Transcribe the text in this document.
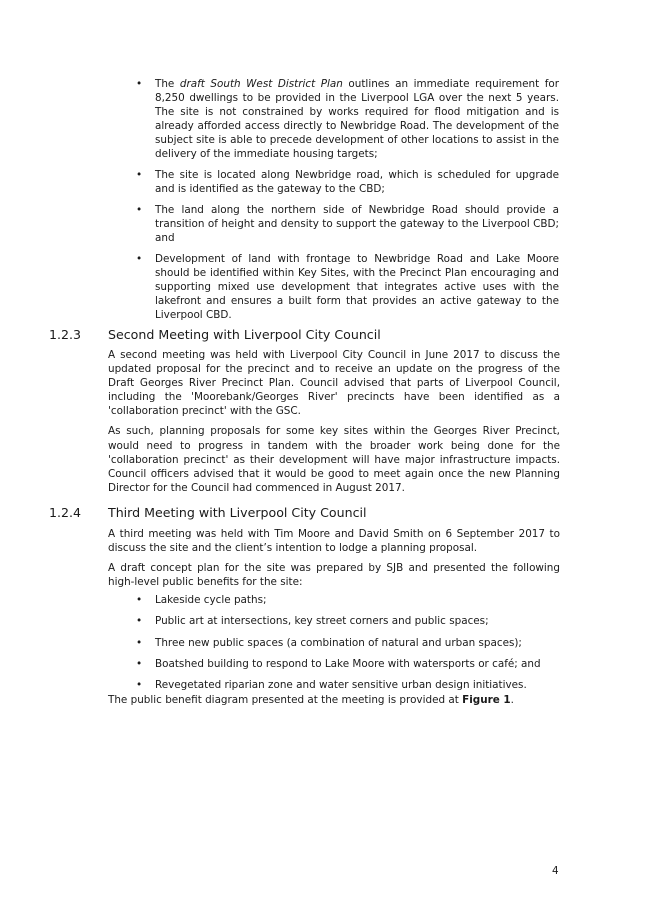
• The draft South West District Plan outlines an immediate requirement for 8,250 dwellings to be provided in the Liverpool LGA over the next 5 years. The site is not constrained by works required for flood mitigation and is already afforded access directly to Newbridge Road. The development of the subject site is able to precede development of other locations to assist in the delivery of the immediate housing targets;
• The site is located along Newbridge road, which is scheduled for upgrade and is identified as the gateway to the CBD;
• The land along the northern side of Newbridge Road should provide a transition of height and density to support the gateway to the Liverpool CBD; and
• Development of land with frontage to Newbridge Road and Lake Moore should be identified within Key Sites, with the Precinct Plan encouraging and supporting mixed use development that integrates active uses with the lakefront and ensures a built form that provides an active gateway to the Liverpool CBD.
1.2.3 Second Meeting with Liverpool City Council

A second meeting was held with Liverpool City Council in June 2017 to discuss the updated proposal for the precinct and to receive an update on the progress of the Draft Georges River Precinct Plan. Council advised that parts of Liverpool Council, including the 'Moorebank/Georges River' precincts have been identified as a 'collaboration precinct' with the GSC.

As such, planning proposals for some key sites within the Georges River Precinct, would need to progress in tandem with the broader work being done for the 'collaboration precinct' as their development will have major infrastructure impacts. Council officers advised that it would be good to meet again once the new Planning Director for the Council had commenced in August 2017.

1.2.4 Third Meeting with Liverpool City Council

A third meeting was held with Tim Moore and David Smith on 6 September 2017 to discuss the site and the client’s intention to lodge a planning proposal.

A draft concept plan for the site was prepared by SJB and presented the following high-level public benefits for the site:

• Lakeside cycle paths;
• Public art at intersections, key street corners and public spaces;
• Three new public spaces (a combination of natural and urban spaces);
• Boatshed building to respond to Lake Moore with watersports or café; and
• Revegetated riparian zone and water sensitive urban design initiatives.

The public benefit diagram presented at the meeting is provided at Figure 1.

4
